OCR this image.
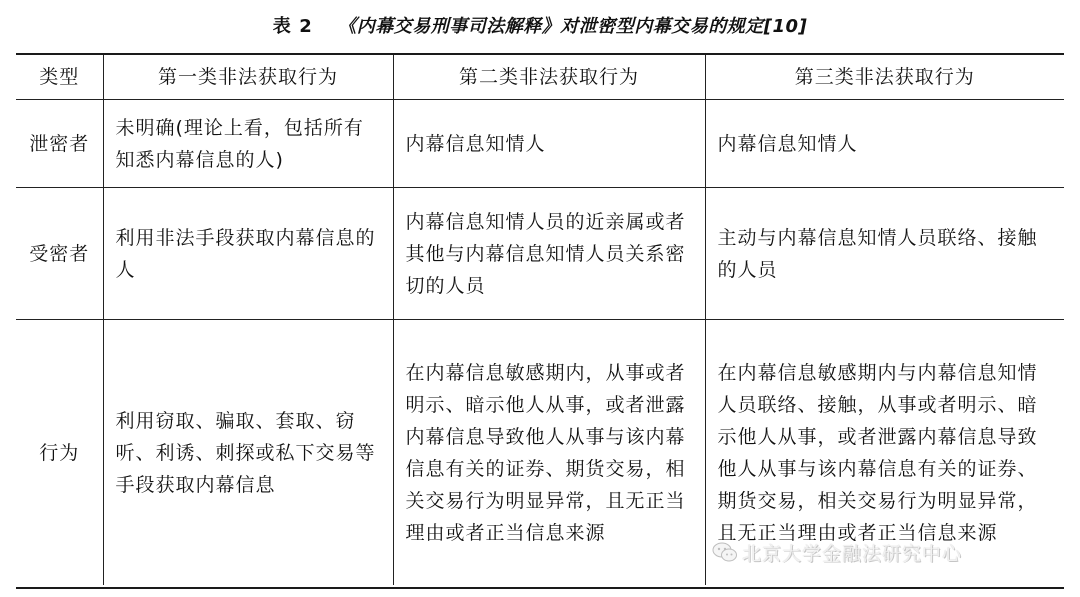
表 2 《内幕交易刑事司法解释》对泄密型内幕交易的规定[10]
类型	第一类非法获取行为	第二类非法获取行为	第三类非法获取行为
泄密者	未明确(理论上看，包括所有知悉内幕信息的人)	内幕信息知情人	内幕信息知情人

受密者	利用非法手段获取内幕信息的人	内幕信息知情人员的近亲属或者其他与内幕信息知情人员关系密切的人员	主动与内幕信息知情人员联络、接触的人员

行为	利用窃取、骗取、套取、窃听、利诱、刺探或私下交易等手段获取内幕信息	在内幕信息敏感期内，从事或者明示、暗示他人从事，或者泄露内幕信息导致他人从事与该内幕信息有关的证券、期货交易，相关交易行为明显异常，且无正当理由或者正当信息来源	在内幕信息敏感期内与内幕信息知情人员联络、接触，从事或者明示、暗示他人从事，或者泄露内幕信息导致他人从事与该内幕信息有关的证券、期货交易，相关交易行为明显异常，且无正当理由或者正当信息来源
北京大学金融法研究中心
